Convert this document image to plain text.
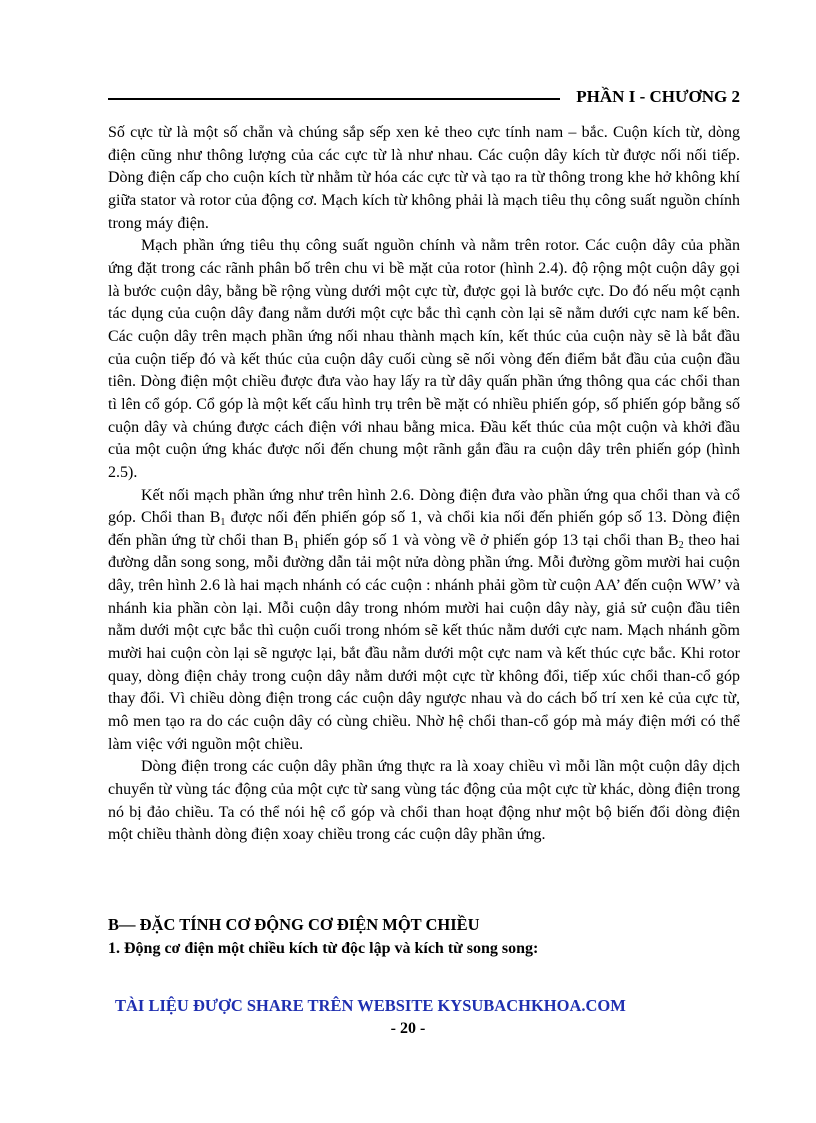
PHẦN I - CHƯƠNG 2

Số cực từ là một số chẵn và chúng sắp sếp xen kẻ theo cực tính nam – bắc. Cuộn kích từ, dòng điện cũng như thông lượng của các cực từ là như nhau. Các cuộn dây kích từ được nối nối tiếp. Dòng điện cấp cho cuộn kích từ nhằm từ hóa các cực từ và tạo ra từ thông trong khe hở không khí giữa stator và rotor của động cơ. Mạch kích từ không phải là mạch tiêu thụ công suất nguồn chính trong máy điện.

Mạch phần ứng tiêu thụ công suất nguồn chính và nằm trên rotor. Các cuộn dây của phần ứng đặt trong các rãnh phân bố trên chu vi bề mặt của rotor (hình 2.4). độ rộng một cuộn dây gọi là bước cuộn dây, bằng bề rộng vùng dưới một cực từ, được gọi là bước cực. Do đó nếu một cạnh tác dụng của cuộn dây đang nằm dưới một cực bắc thì cạnh còn lại sẽ nằm dưới cực nam kế bên. Các cuộn dây trên mạch phần ứng nối nhau thành mạch kín, kết thúc của cuộn này sẽ là bắt đầu của cuộn tiếp đó và kết thúc của cuộn dây cuối cùng sẽ nối vòng đến điểm bắt đầu của cuộn đầu tiên. Dòng điện một chiều được đưa vào hay lấy ra từ dây quấn phần ứng thông qua các chổi than tì lên cổ góp. Cổ góp là một kết cấu hình trụ trên bề mặt có nhiều phiến góp, số phiến góp bằng số cuộn dây và chúng được cách điện với nhau bằng mica. Đầu kết thúc của một cuộn và khởi đầu của một cuộn ứng khác được nối đến chung một rãnh gắn đầu ra cuộn dây trên phiến góp (hình 2.5).

Kết nối mạch phần ứng như trên hình 2.6. Dòng điện đưa vào phần ứng qua chổi than và cổ góp. Chổi than $B_1$ được nối đến phiến góp số 1, và chổi kia nối đến phiến góp số 13. Dòng điện đến phần ứng từ chổi than $B_1$ phiến góp số 1 và vòng về ở phiến góp 13 tại chổi than $B_2$ theo hai đường dẫn song song, mỗi đường dẫn tải một nửa dòng phần ứng. Mỗi đường gồm mười hai cuộn dây, trên hình 2.6 là hai mạch nhánh có các cuộn : nhánh phải gồm từ cuộn AA’ đến cuộn WW’ và nhánh kia phần còn lại. Mỗi cuộn dây trong nhóm mười hai cuộn dây này, giả sử cuộn đầu tiên nằm dưới một cực bắc thì cuộn cuối trong nhóm sẽ kết thúc nằm dưới cực nam. Mạch nhánh gồm mười hai cuộn còn lại sẽ ngược lại, bắt đầu nằm dưới một cực nam và kết thúc cực bắc. Khi rotor quay, dòng điện chảy trong cuộn dây nằm dưới một cực từ không đổi, tiếp xúc chổi than-cổ góp thay đổi. Vì chiều dòng điện trong các cuộn dây ngược nhau và do cách bố trí xen kẻ của cực từ, mô men tạo ra do các cuộn dây có cùng chiều. Nhờ hệ chổi than-cổ góp mà máy điện mới có thể làm việc với nguồn một chiều.

Dòng điện trong các cuộn dây phần ứng thực ra là xoay chiều vì mỗi lần một cuộn dây dịch chuyển từ vùng tác động của một cực từ sang vùng tác động của một cực từ khác, dòng điện trong nó bị đảo chiều. Ta có thể nói hệ cổ góp và chổi than hoạt động như một bộ biến đổi dòng điện một chiều thành dòng điện xoay chiều trong các cuộn dây phần ứng.

B— ĐẶC TÍNH CƠ ĐỘNG CƠ ĐIỆN MỘT CHIỀU
1. Động cơ điện một chiều kích từ độc lập và kích từ song song:
TÀI LIỆU ĐƯỢC SHARE TRÊN WEBSITE KYSUBACHKHOA.COM
- 20 -
